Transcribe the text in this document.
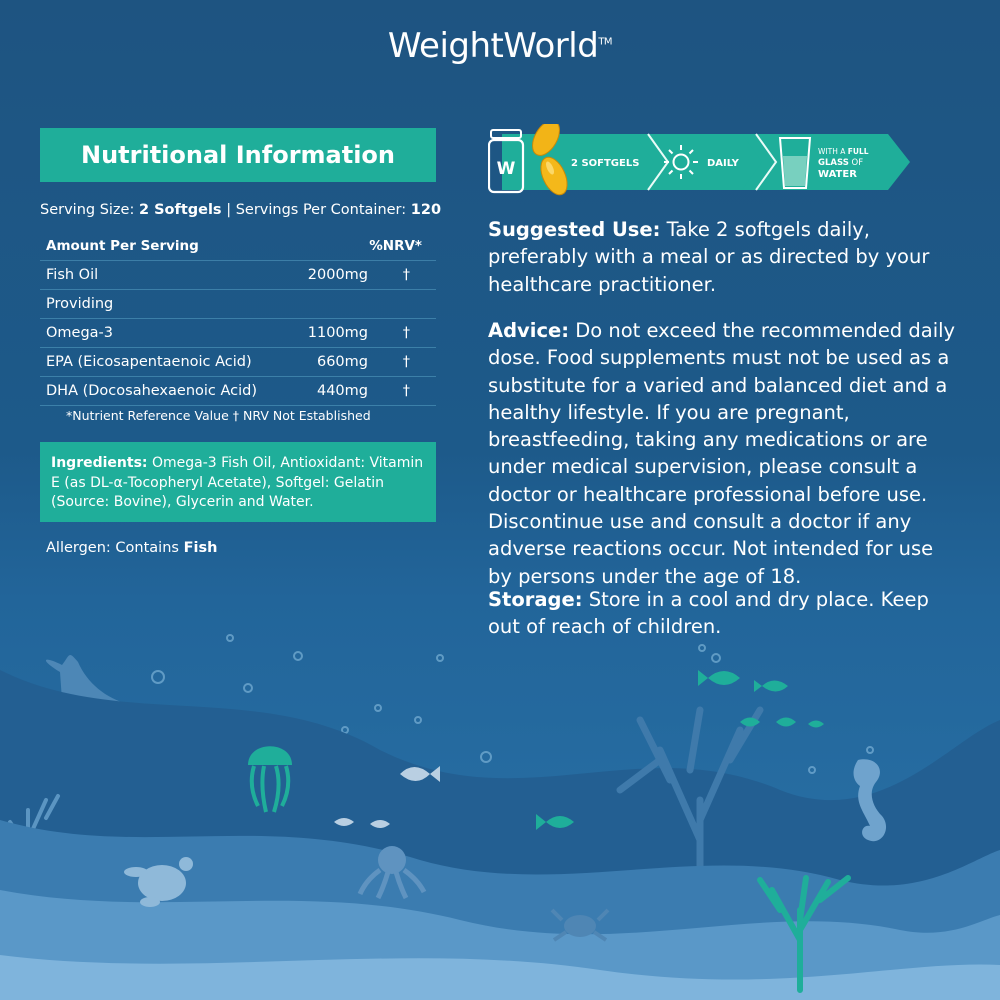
WeightWorld™
Nutritional Information
Serving Size: 2 Softgels | Servings Per Container: 120
Amount Per Serving	%NRV*
Fish Oil	2000mg †
Providing
Omega-3	1100mg †
EPA (Eicosapentaenoic Acid)	660mg †
DHA (Docosahexaenoic Acid)	440mg †
*Nutrient Reference Value † NRV Not Established
Ingredients: Omega-3 Fish Oil, Antioxidant: Vitamin E (as DL-α-Tocopheryl Acetate), Softgel: Gelatin (Source: Bovine), Glycerin and Water.
Allergen: Contains Fish
W	2 SOFTGELS	DAILY
WITH A FULL
GLASS OF
WATER
Suggested Use: Take 2 softgels daily, preferably with a meal or as directed by your healthcare practitioner.
Advice: Do not exceed the recommended daily dose. Food supplements must not be used as a substitute for a varied and balanced diet and a healthy lifestyle. If you are pregnant, breastfeeding, taking any medications or are under medical supervision, please consult a doctor or healthcare professional before use. Discontinue use and consult a doctor if any adverse reactions occur. Not intended for use by persons under the age of 18.
Storage: Store in a cool and dry place. Keep out of reach of children.
